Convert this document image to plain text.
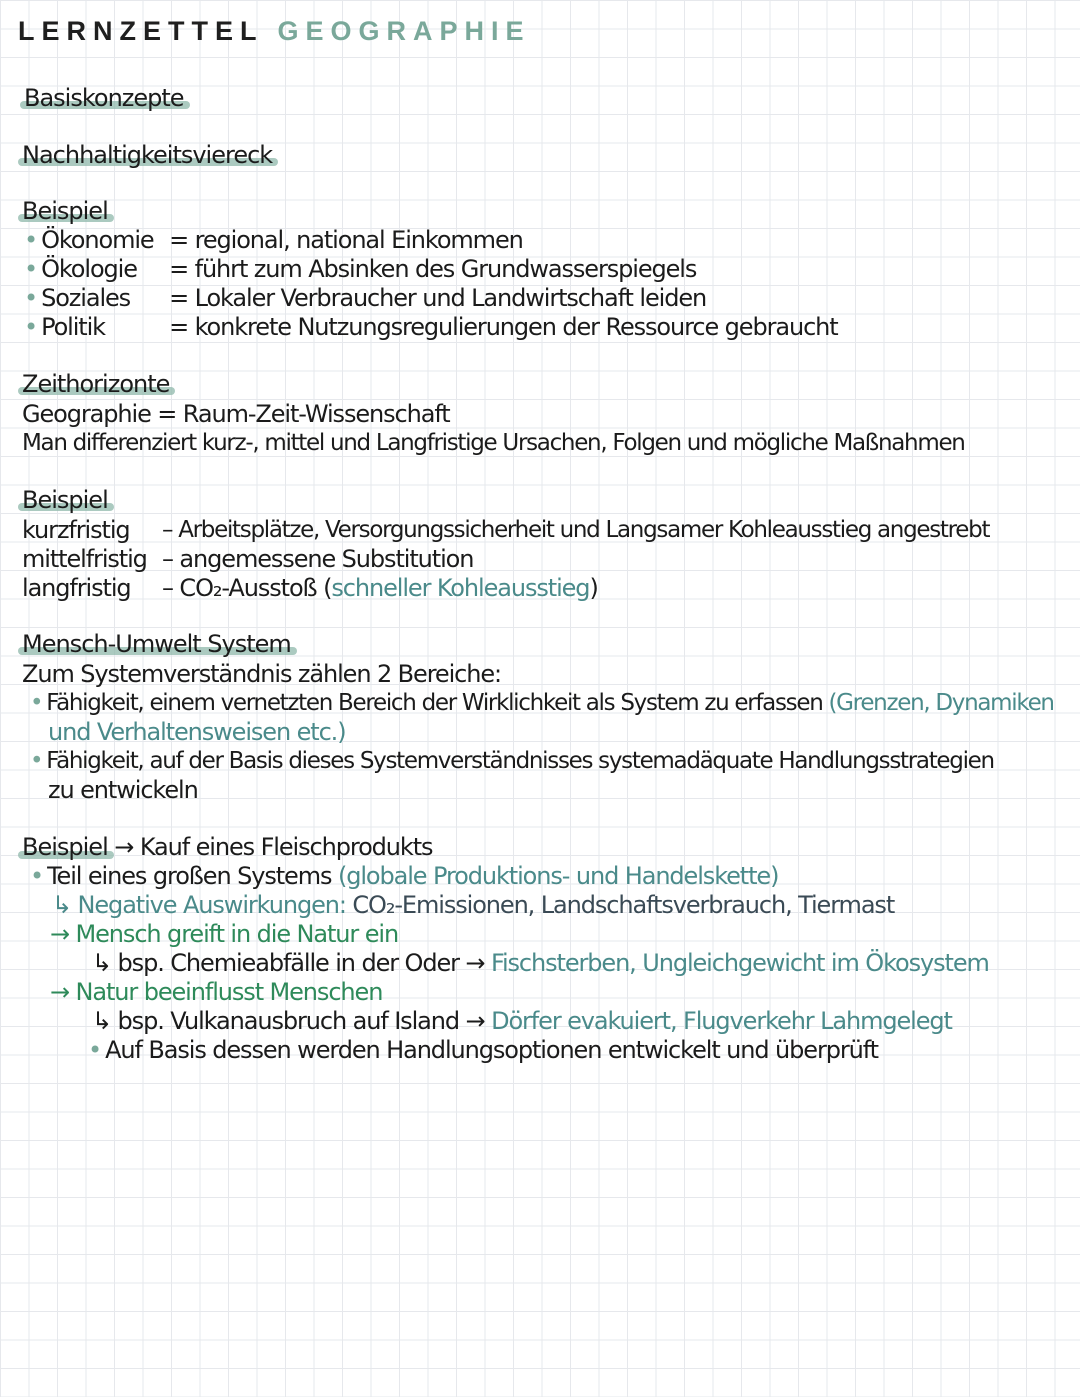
LERNZETTEL GEOGRAPHIE
Basiskonzepte
Nachhaltigkeitsviereck
Beispiel
• Ökonomie = regional, national Einkommen
• Ökologie	= führt zum Absinken des Grundwasserspiegels
• Soziales	= Lokaler Verbraucher und Landwirtschaft leiden
• Politik	= konkrete Nutzungsregulierungen der Ressource gebraucht
Zeithorizonte
Geographie = Raum-Zeit-Wissenschaft
Man differenziert kurz-, mittel und Langfristige Ursachen, Folgen und mögliche Maßnahmen
Beispiel
kurzfristig	– Arbeitsplätze, Versorgungssicherheit und Langsamer Kohleausstieg angestrebt
mittelfristig – angemessene Substitution
langfristig	– CO₂-Ausstoß ( schneller Kohleausstieg )
Mensch-Umwelt System
Zum Systemverständnis zählen 2 Bereiche:
• Fähigkeit, einem vernetzten Bereich der Wirklichkeit als System zu erfassen (Grenzen, Dynamiken
und Verhaltensweisen etc.)
• Fähigkeit, auf der Basis dieses Systemverständnisses systemadäquate Handlungsstrategien
zu entwickeln
Beispiel → Kauf eines Fleischprodukts
• Teil eines großen Systems (globale Produktions- und Handelskette)
↳ Negative Auswirkungen: CO₂-Emissionen, Landschaftsverbrauch, Tiermast
→ Mensch greift in die Natur ein
↳ bsp. Chemieabfälle in der Oder → Fischsterben, Ungleichgewicht im Ökosystem
→ Natur beeinflusst Menschen
↳ bsp. Vulkanausbruch auf Island → Dörfer evakuiert, Flugverkehr Lahmgelegt
• Auf Basis dessen werden Handlungsoptionen entwickelt und überprüft
